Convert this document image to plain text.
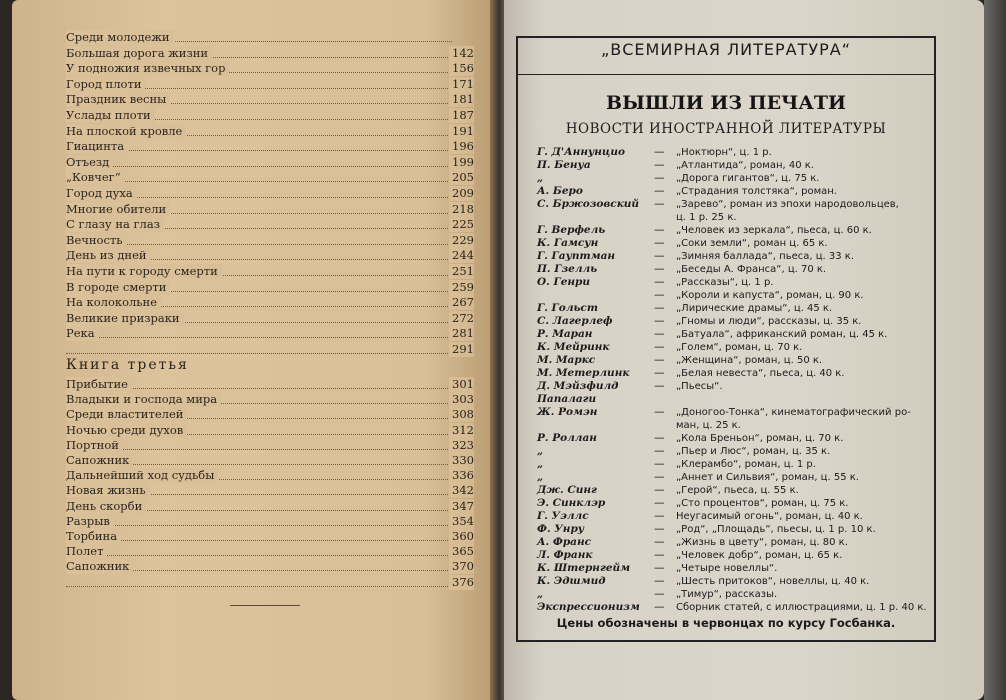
Среди молодежи
Большая дорога жизни	142
У подножия извечных гор	156
Город плоти	171
Праздник весны	181
Услады плоти	187
На плоской кровле	191
Гиацинта	196
Отъезд	199
„Ковчег“	205
Город духа	209
Многие обители	218
С глазу на глаз	225
Вечность	229
День из дней	244
На пути к городу смерти	251
В городе смерти	259
На колокольне	267
Великие призраки	272
Река	281
291
Книга третья
Прибытие	301
Владыки и господа мира	303
Среди властителей	308
Ночью среди духов	312
Портной	323
Сапожник	330
Дальнейший ход судьбы	336
Новая жизнь	342
День скорби	347
Разрыв	354
Торбина	360
Полет	365
Сапожник	370
376
„ВСЕМИРНАЯ ЛИТЕРАТУРА“
ВЫШЛИ ИЗ ПЕЧАТИ
НОВОСТИ ИНОСТРАННОЙ ЛИТЕРАТУРЫ
Г. Д'Аннунцио	— „Ноктюрн“, ц. 1 р.
П. Бенуа	— „Атлантида“, роман, 40 к.
„	— „Дорога гигантов“, ц. 75 к.
А. Беро	— „Страдания толстяка“, роман.
С. Бржозовский — „Зарево“, роман из эпохи народовольцев,
ц. 1 р. 25 к.
Г. Верфель	— „Человек из зеркала“, пьеса, ц. 60 к.
К. Гамсун	— „Соки земли“, роман ц. 65 к.
Г. Гауптман	— „Зимняя баллада“, пьеса, ц. 33 к.
П. Гзелль	— „Беседы А. Франса“, ц. 70 к.
О. Генри	— „Рассказы“, ц. 1 р.
— „Короли и капуста“, роман, ц. 90 к.
Г. Гольст	— „Лирические драмы“, ц. 45 к.
С. Лагерлеф	— „Гномы и люди“, рассказы, ц. 35 к.
Р. Маран	— „Батуала“, африканский роман, ц. 45 к.
К. Мейринк	— „Голем“, роман, ц. 70 к.
М. Маркс	— „Женщина“, роман, ц. 50 к.
М. Метерлинк — „Белая невеста“, пьеса, ц. 40 к.
Д. Мэйзфилд	— „Пьесы“.
Папалаги
Ж. Ромэн	— „Доногоо-Тонка“, кинематографический ро-
ман, ц. 25 к.
Р. Роллан	— „Кола Бреньон“, роман, ц. 70 к.
„	— „Пьер и Люс“, роман, ц. 35 к.
„	— „Клерамбо“, роман, ц. 1 р.
„	— „Аннет и Сильвия“, роман, ц. 55 к.
Дж. Синг	— „Герой“, пьеса, ц. 55 к.
Э. Синклэр	— „Сто процентов“, роман, ц. 75 к.
Г. Уэллс	— Неугасимый огонь“, роман, ц. 40 к.
Ф. Унру	— „Род“, „Площадь“, пьесы, ц. 1 р. 10 к.
А. Франс	— „Жизнь в цвету“, роман, ц. 80 к.
Л. Франк	— „Человек добр“, роман, ц. 65 к.
К. Штернгейм — „Четыре новеллы“.
К. Эдшмид	— „Шесть притоков“, новеллы, ц. 40 к.
„	— „Тимур“, рассказы.
Экспрессионизм — Сборник статей, с иллюстрациями, ц. 1 р. 40 к.
Цены обозначены в червонцах по курсу Госбанка.
